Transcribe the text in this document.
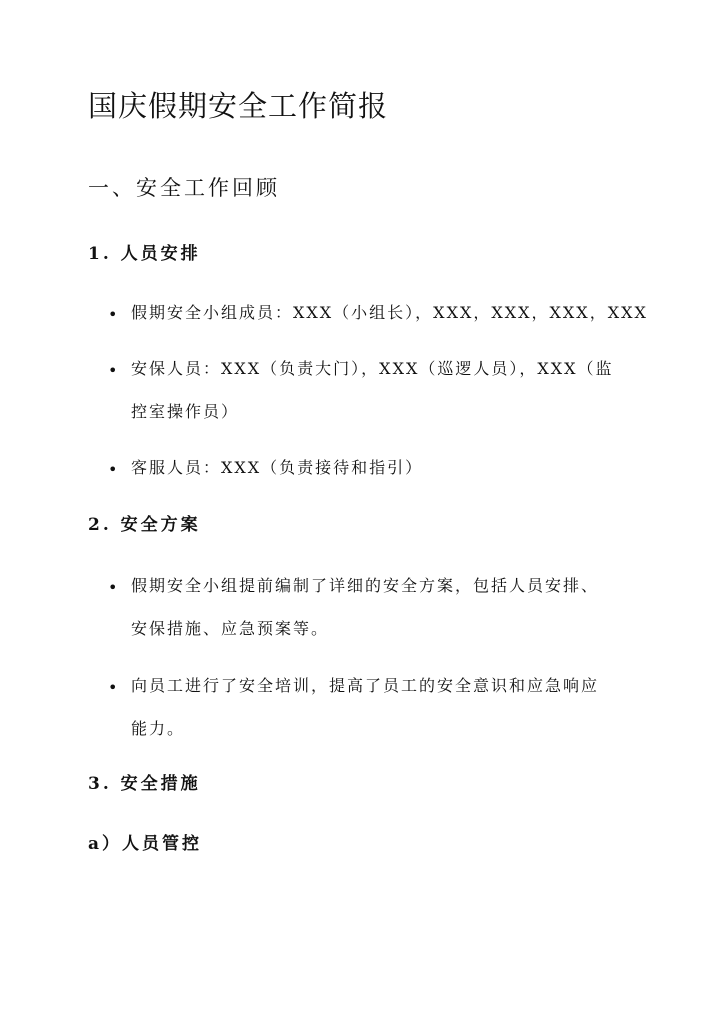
国庆假期安全工作简报
一、安全工作回顾
1. 人员安排
• 假期安全小组成员：XXX（小组长），XXX，XXX，XXX，XXX
• 安保人员：XXX（负责大门），XXX（巡逻人员），XXX（监
控室操作员）
• 客服人员：XXX（负责接待和指引）
2. 安全方案
• 假期安全小组提前编制了详细的安全方案，包括人员安排、
安保措施、应急预案等。
• 向员工进行了安全培训，提高了员工的安全意识和应急响应
能力。
3. 安全措施
a）人员管控
